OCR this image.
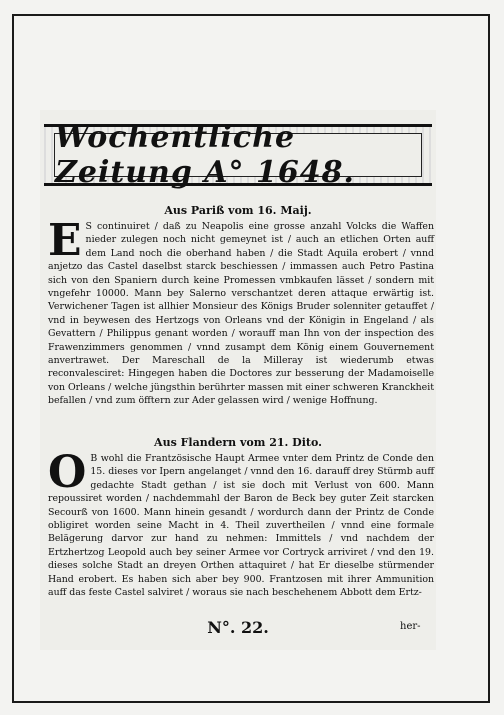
Wochentliche Zeitung A° 1648.
Aus Pariß vom 16. Maij.
E S continuiret / daß zu Neapolis eine grosse anzahl Volcks die Waffen nieder zulegen noch nicht gemeynet ist / auch an etlichen Orten auff dem Land noch die oberhand haben / die Stadt Aquila erobert / vnnd anjetzo das Castel daselbst starck beschiessen / immassen auch Petro Pastina sich von den Spaniern durch keine Promessen vmbkaufen lässet / sondern mit vngefehr 10000. Mann bey Salerno verschantzet deren attaque erwärtig ist. Verwichener Tagen ist allhier Monsieur des Königs Bruder solenniter getauffet / vnd in beywesen des Hertzogs von Orleans vnd der Königin in Engeland / als Gevattern / Philippus genant worden / worauff man Ihn von der inspection des Frawenzimmers genommen / vnnd zusampt dem König einem Gouvernement anvertrawet. Der Mareschall de la Milleray ist wiederumb etwas reconvalesciret: Hingegen haben die Doctores zur besserung der Madamoiselle von Orleans / welche jüngsthin berührter massen mit einer schweren Kranckheit befallen / vnd zum öfftern zur Ader gelassen wird / wenige Hoffnung.
Aus Flandern vom 21. Dito.
O B wohl die Frantzösische Haupt Armee vnter dem Printz de Conde den 15. dieses vor Ipern angelanget / vnnd den 16. darauff drey Stürmb auff gedachte Stadt gethan / ist sie doch mit Verlust von 600. Mann repoussiret worden / nachdemmahl der Baron de Beck bey guter Zeit starcken Secourß von 1600. Mann hinein gesandt / wordurch dann der Printz de Conde obligiret worden seine Macht in 4. Theil zuvertheilen / vnnd eine formale Belägerung darvor zur hand zu nehmen: Immittels / vnd nachdem der Ertzhertzog Leopold auch bey seiner Armee vor Cortryck arriviret / vnd den 19. dieses solche Stadt an dreyen Orthen attaquiret / hat Er dieselbe stürmender Hand erobert. Es haben sich aber bey 900. Frantzosen mit ihrer Ammunition auff das feste Castel salviret / woraus sie nach beschehenem Abbott dem Ertz-
N°. 22.	her-
